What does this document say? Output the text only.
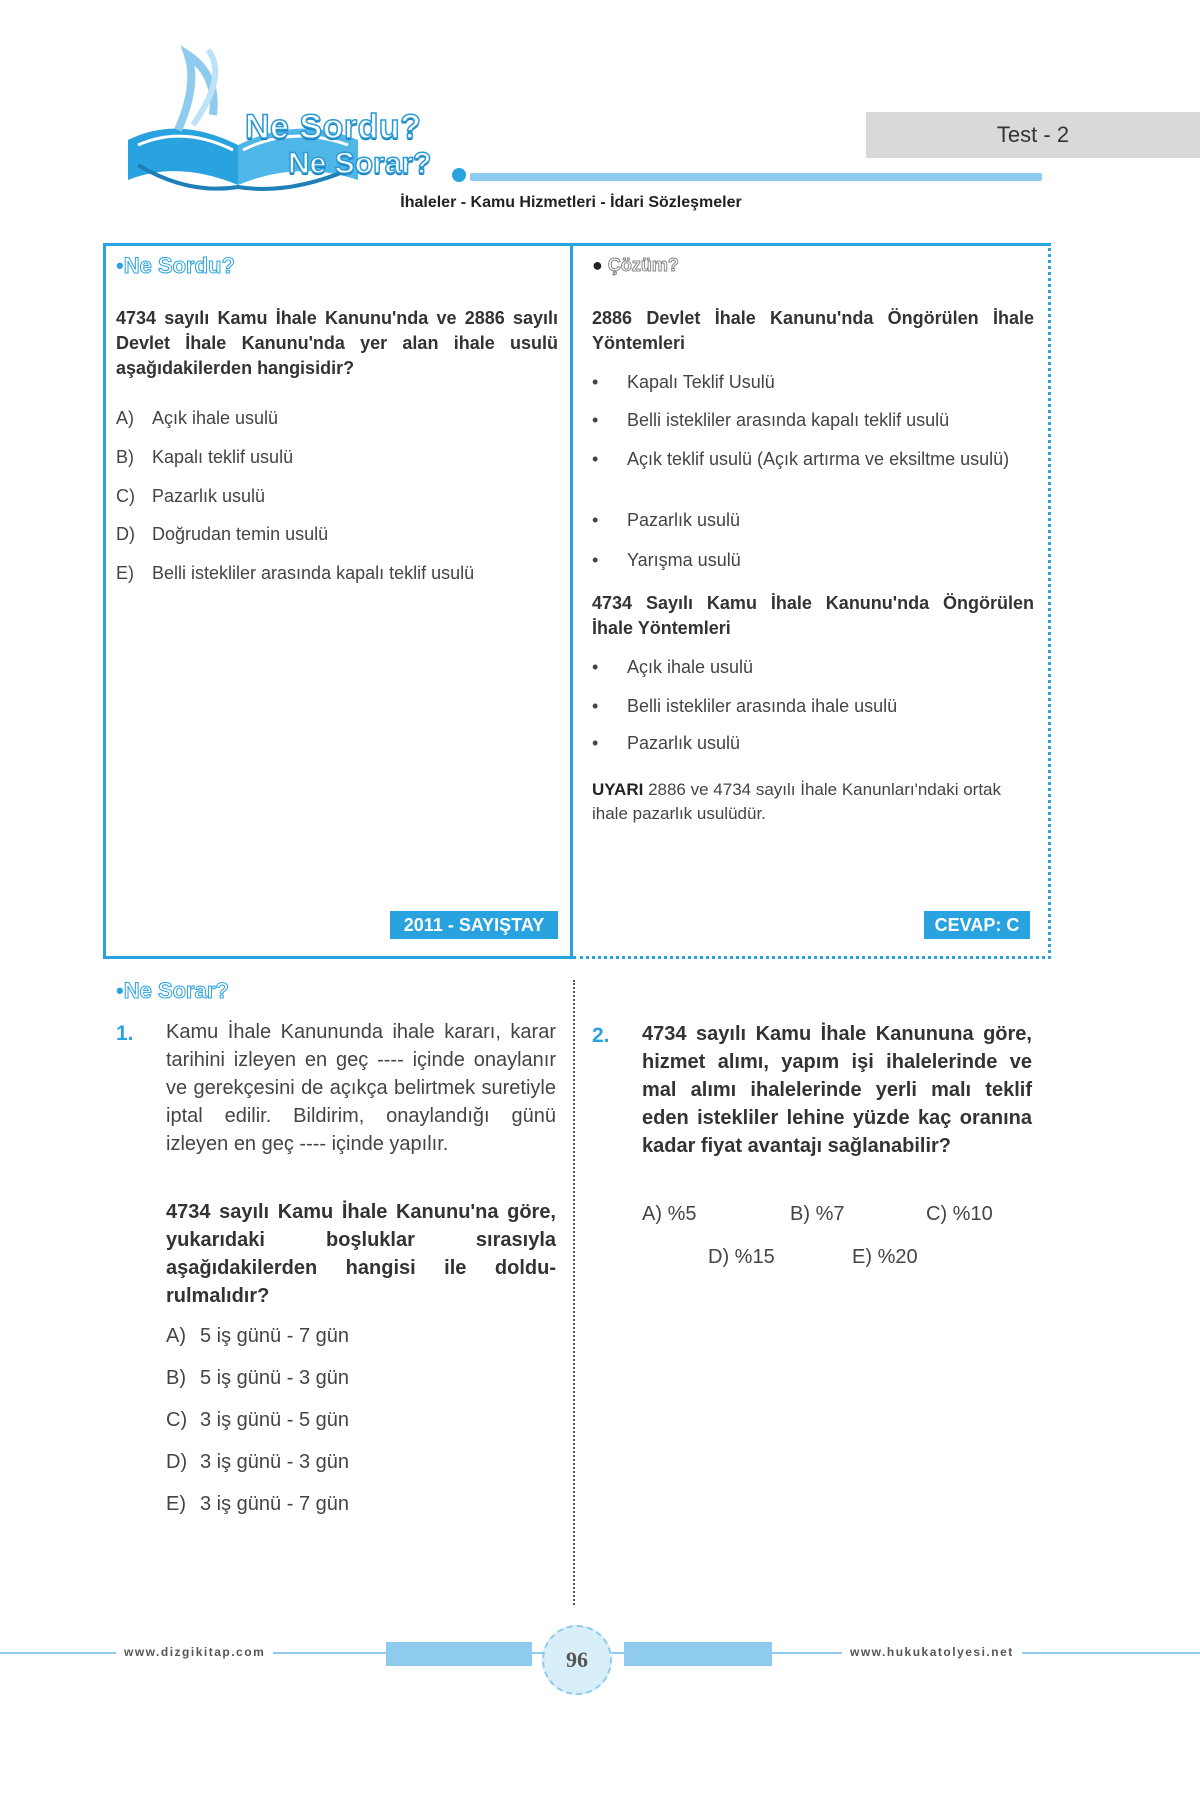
Ne Sordu?
Ne Sorar?
Test - 2
İhaleler - Kamu Hizmetleri - İdari Sözleşmeler
•Ne Sordu?
4734 sayılı Kamu İhale Kanunu'nda ve 2886 sayılı Devlet İhale Kanunu'nda yer alan ihale usulü aşağıdakilerden hangisidir?
A) Açık ihale usulü
B) Kapalı teklif usulü
C) Pazarlık usulü
D) Doğrudan temin usulü
E) Belli istekliler arasında kapalı teklif usulü
2011 - SAYIŞTAY
● Çözüm?
2886 Devlet İhale Kanunu'nda Öngörülen İhale Yöntemleri
• Kapalı Teklif Usulü
• Belli istekliler arasında kapalı teklif usulü
• Açık teklif usulü (Açık artırma ve eksiltme usulü)
• Pazarlık usulü
• Yarışma usulü
4734 Sayılı Kamu İhale Kanunu'nda Öngörülen İhale Yöntemleri
• Açık ihale usulü
• Belli istekliler arasında ihale usulü
• Pazarlık usulü
UYARI 2886 ve 4734 sayılı İhale Kanunları'ndaki ortak ihale pazarlık usulüdür.
CEVAP: C
•Ne Sorar?
1. Kamu İhale Kanununda ihale kararı, karar tarihini izleyen en geç ---- içinde onaylanır ve gerekçesini de açıkça belirtmek suretiyle iptal edilir. Bildirim, onaylandığı günü izleyen en geç ---- içinde yapılır.
4734 sayılı Kamu İhale Kanunu'na göre, yukarıdaki boşluklar sırasıyla aşağıdakilerden hangisi ile doldurulmalıdır?
A) 5 iş günü - 7 gün
B) 5 iş günü - 3 gün
C) 3 iş günü - 5 gün
D) 3 iş günü - 3 gün
E) 3 iş günü - 7 gün
2. 4734 sayılı Kamu İhale Kanununa göre, hizmet alımı, yapım işi ihalelerinde ve mal alımı ihalelerinde yerli malı teklif eden istekliler lehine yüzde kaç oranına kadar fiyat avantajı sağlanabilir?
A) %5	B) %7	C) %10
D) %15	E) %20
www.dizgikitap.com	www.hukukatolyesi.net
96
